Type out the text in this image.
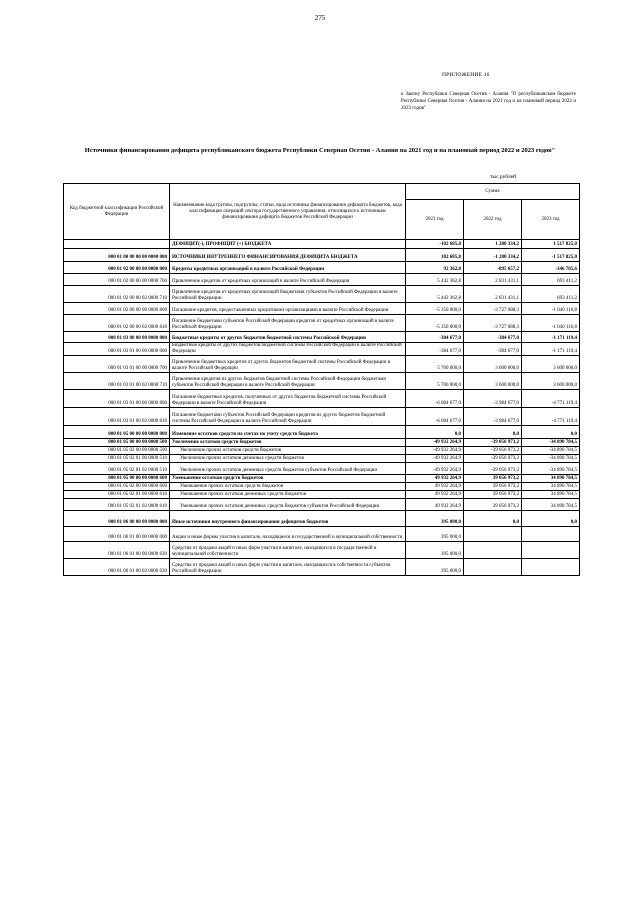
275
ПРИЛОЖЕНИЕ 16
к Закону Республики Северная Осетия - Алания "О республиканском бюджете Республики Северная Осетия - Алания на 2021 год и на плановый период 2022 и 2023 годов"
Источники финансирования дефицита республиканского бюджета Республики Северная Осетия - Алания на 2021 год и на плановый период 2022 и 2023 годов"
тыс.рублей
Код бюджетной классификации Российской Федерации	Наименование кода группы, подгруппы, статьи, вида источника финансирования дефицита бюджетов, кода классификации операций сектора государственного управления, относящихся к источникам финансирования дефицита бюджетов Российской Федерации	Сумма		
		2021 год	2022 год	2023 год
	ДЕФИЦИТ(-), ПРОФИЦИТ (+) БЮДЖЕТА	-102 685,8	1 280 334,2	1 517 825,0
000 01 00 00 00 00 0000 000	ИСТОЧНИКИ ВНУТРЕННЕГО ФИНАНСИРОВАНИЯ ДЕФИЦИТА БЮДЖЕТА	102 685,8	-1 280 334,2	-1 517 825,0
000 01 02 00 00 00 0000 000	Кредиты кредитных организаций в валюте Российской Федерации	92 362,8	-895 657,2	-346 705,6
000 01 02 00 00 00 0000 700	Привлечение кредитов от кредитных организаций в валюте Российской Федерации	5 442 362,8	2 831 431,1	693 411,2
000 01 02 00 00 02 0000 710	Привлечение кредитов от кредитных организаций бюджетами субъектов Российской Федерации в валюте Российской Федерации	5 442 362,8	2 831 431,1	693 411,2
000 01 02 00 00 00 0000 800	Погашение кредитов, предоставленных кредитными организациями в валюте Российской Федерации	-5 350 000,0	-3 727 088,3	-1 040 116,8
000 01 02 00 00 02 0000 810	Погашение бюджетами субъектов Российской Федерации кредитов от кредитных организаций в валюте Российской Федерации	-5 350 000,0	-3 727 088,3	-1 040 116,8
000 01 03 00 00 00 0000 000	Бюджетные кредиты от других бюджетов бюджетной системы Российской Федерации	-384 677,0	-384 677,0	-1 171 119,4
000 01 03 01 00 00 0000 000	Бюджетные кредиты от других бюджетов бюджетной системы Российской Федерации в валюте Российской Федерации	-384 677,0	-384 677,0	-1 171 119,4
000 01 03 01 00 00 0000 700	Привлечение бюджетных кредитов от других бюджетов бюджетной системы Российской Федерации в валюте Российской Федерации	5 700 000,0	3 600 000,0	3 600 000,0
000 01 03 01 00 02 0000 710	Привлечение кредитов из других бюджетов бюджетной системы Российской Федерации бюджетами субъектов Российской Федерации в валюте Российской Федерации	5 700 000,0	3 600 000,0	3 600 000,0
000 01 03 01 00 00 0000 800	Погашение бюджетных кредитов, полученных от других бюджетов бюджетной системы Российской Федерации в валюте Российской Федерации	-6 084 677,0	-3 984 677,0	-4 771 119,4
000 01 03 01 00 02 0000 810	Погашение бюджетами субъектов Российской Федерации кредитов из других бюджетов бюджетной системы Российской Федерации в валюте Российской Федерации	-6 084 677,0	-3 984 677,0	-4 771 119,4
000 01 05 00 00 00 0000 000	Изменение остатков средств на счетах по учету средств бюджета	0,0	0,0	0,0
000 01 05 00 00 00 0000 500	Увеличение остатков средств бюджетов	-49 932 264,9	-39 056 973,2	-34 890 784,5
000 01 05 02 00 00 0000 500	Увеличение прочих остатков средств бюджетов	-49 932 264,9	-39 056 973,2	-34 890 784,5
000 01 05 02 01 00 0000 510	Увеличение прочих остатков денежных средств бюджетов	-49 932 264,9	-39 056 973,2	-34 890 784,5
000 01 05 02 01 02 0000 510	Увеличение прочих остатков денежных средств бюджетов субъектов Российской Федерации	-49 932 264,9	-39 056 973,2	-34 890 784,5
000 01 05 00 00 00 0000 600	Уменьшение остатков средств бюджетов	49 932 264,9	39 056 973,2	34 890 784,5
000 01 05 02 00 00 0000 600	Уменьшение прочих остатков средств бюджетов	49 932 264,9	39 056 973,2	34 890 784,5
000 01 05 02 01 00 0000 610	Уменьшение прочих остатков денежных средств бюджетов	49 932 264,9	39 056 973,2	34 890 784,5
000 01 05 02 01 02 0000 610	Уменьшение прочих остатков денежных средств бюджетов субъектов Российской Федерации	49 932 264,9	39 056 973,2	34 890 784,5
000 01 06 00 00 00 0000 000	Иные источники внутреннего финансирования дефицитов бюджетов	395 000,0	0,0	0,0
000 01 06 01 00 00 0000 000	Акции и иные формы участия в капитале, находящиеся в государственной и муниципальной собственности	395 000,0		
000 01 06 01 00 00 0000 630	Средства от продажи акций и иных форм участия в капитале, находящихся в государственной и муниципальной собственности	395 000,0		
000 01 06 01 00 02 0000 630	Средства от продажи акций и иных форм участия в капитале, находящихся в собственности субъектов Российской Федерации	395 000,0		
